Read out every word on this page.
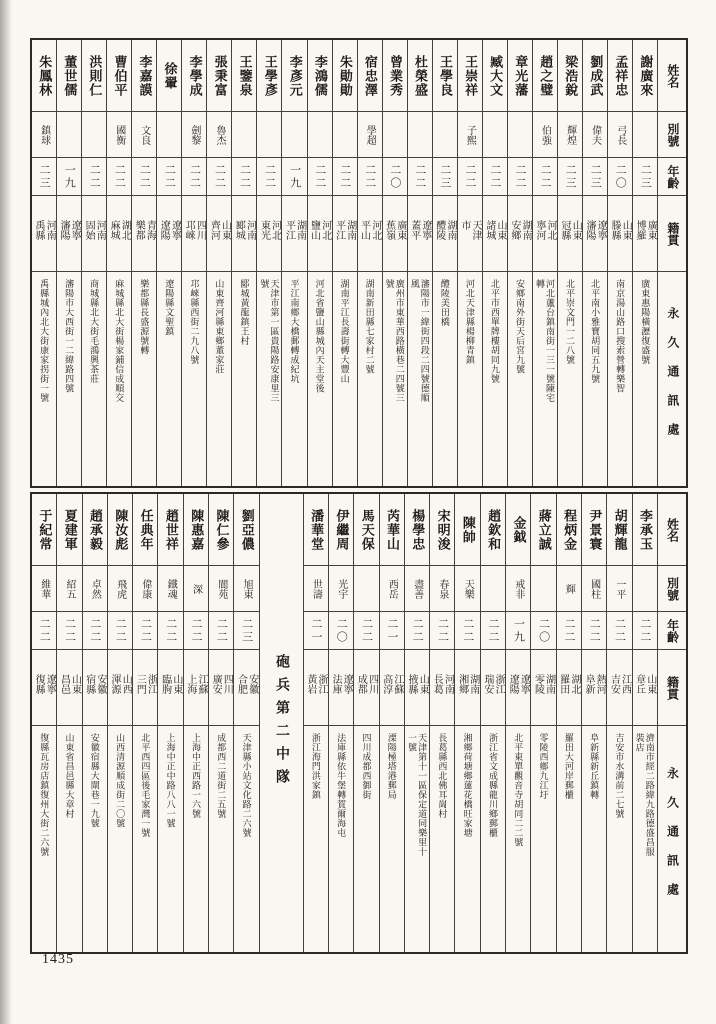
朱鳳林
鎮球
二三
河南禹縣
禹縣城內北大街康家拐街一號
董世儒
一九
遼寧瀋陽
瀋陽市大西街一二緯路四號
洪則仁
二二
河南固始
商城縣北大街毛鴻興茶莊
曹伯平
國衡
二二
湖北麻城
麻城縣北大街楊家鋪信成順交
李嘉謨
文良
二二
青海樂都
樂都縣長盛源號轉
徐翬
二二
遼寧遼陽
遼陽縣文聖鎮
李學成
劍黎
二二
四川邛崍
邛崍縣西街二九八號
張秉富
魯杰
二二
山東齊河
山東齊河縣東鄉董家莊
王鑒泉
二二
河南郾城
郾城黃龍鎮王村
王學彥
二二
河北東光
天津市第一區貴陽路安康里三號
李彥元
一九
湖南平江
平江南鄉大橋郵轉成紀坑
李鴻儒
二二
河北鹽山
河北省鹽山縣城內天主堂後
朱勛勛
二二
湖南平江
湖南平江長壽街轉大豐山
宿忠澤
學超
二二
河北平山
湖南新田縣七家村二號
曾業秀
二〇
廣東蕉嶺
廣州市東華西路橫巷二四號三號
杜榮盛
二二
遼寧蓋平
瀋陽市一緯街四段二四號德順風
王學良
二三
湖南醴陵
醴陵美田橋
王崇祥
子熙
二二
天津市
河北天津縣楊柳青鎮
臧大文
二二
山東諸城
北平市西單牌樓胡同九號
章光藩
二二
湖南安鄉
安鄉南外街天后宮九號
趙之璧
伯強
二二
河北寧河
河北蘆台鎮南街一三一號陳宅轉
梁浩銳
輝煌
二三
山東冠縣
北平崇文門一二八號
劉成武
偉夫
二三
遼寧瀋陽
北平南小雅寶胡同五九號
孟祥忠
弓長
二〇
山東滕縣
南京湯山路口搜索營轉樂智
謝廣來
二三
廣東博羅
廣東惠陽橫瀝復盛號
姓名
別號
年齡
籍貫
永久通訊處
于紀常
維華
二二
遼寧復縣
復縣瓦房店鎮復州大街二六號
夏建軍
紹五
二二
山東昌邑
山東省昌邑縣大章村
趙承毅
卓然
二二
安徽宿縣
安徽宿縣大閘巷一九號
陳汝彪
飛虎
二二
山西渾源
山西清源順成街二〇號
任典年
偉康
二二
浙江三門
北平西四區後毛家灣一號
趙世祥
鐵魂
二二
山東臨朐
上海中正中路八八一號
陳惠嘉
深
二二
江蘇上海
上海中正西路一六號
陳仁參
閬苑
二二
四川廣安
成都西二道街二五號
劉亞儂
旭東
二三
安徽合肥
天津縣小站文化路二六號 砲兵第二中隊
潘華堂
世濤
二一
浙江黃岩
浙江海門洪家鎮
伊繼周
光宇
二〇
遼寧法庫
法庫縣依牛堡轉賀爾海屯
馬天保
二二
四川成都
四川成都西御街
芮華山
西岳
二一
江蘇高淳
溧陽極塔港郵局
楊學忠
盡善
二二
山東掖縣
天津第十一區保定道同樂里十一號
宋明浚
春泉
二二
河南長葛
長葛縣西北佛耳崗村
陳帥
天樂
二二
湖南湘鄉
湘鄉荷塘鄉蓮花橋旺家塘
趙欽和
二二
浙江瑞安
浙江省文成縣龍川鄉郵櫃
金鉞
戒非
一九
遼寧遼陽
北平東單觀音寺胡同二二號
蔣立誠
二〇
湖南零陵
零陵西鄉九江圩
程炳金
輝
二二
湖北羅田
羅田大河岸郵櫃
尹景寰
國柱
二二
熱河阜新
阜新縣新丘鎮轉
胡輝龍
一平
二二
江西吉安
吉安市水溝前二七號
李承玉
二二
山東章丘
濟南市經二路緯九路德盛昌服裝店
姓名
別號
年齡
籍貫
永久通訊處
1435
